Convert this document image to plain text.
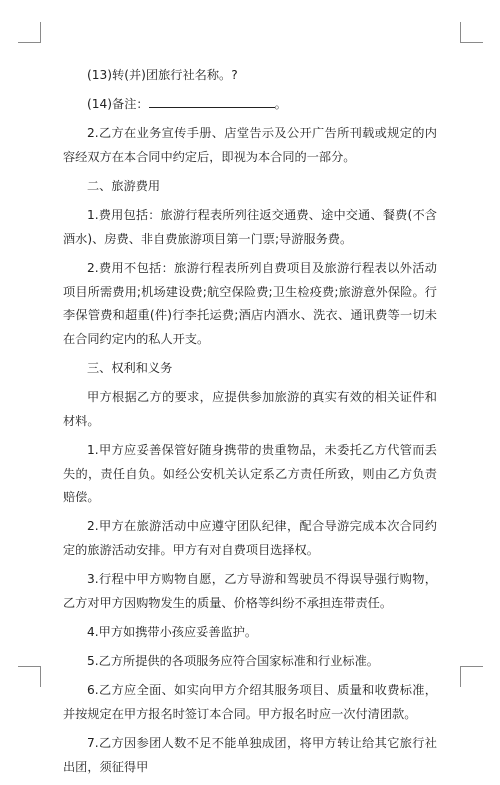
(13)转(并)团旅行社名称。?

(14)备注：	。

2.乙方在业务宣传手册、店堂告示及公开广告所刊载或规定的内容经双方在本合同中约定后，即视为本合同的一部分。

二、旅游费用

1.费用包括：旅游行程表所列往返交通费、途中交通、餐费(不含酒水)、房费、非自费旅游项目第一门票;导游服务费。

2.费用不包括：旅游行程表所列自费项目及旅游行程表以外活动项目所需费用;机场建设费;航空保险费;卫生检疫费;旅游意外保险。行李保管费和超重(件)行李托运费;酒店内酒水、洗衣、通讯费等一切未在合同约定内的私人开支。

三、权利和义务

甲方根据乙方的要求，应提供参加旅游的真实有效的相关证件和材料。

1.甲方应妥善保管好随身携带的贵重物品，未委托乙方代管而丢失的，责任自负。如经公安机关认定系乙方责任所致，则由乙方负责赔偿。

2.甲方在旅游活动中应遵守团队纪律，配合导游完成本次合同约定的旅游活动安排。甲方有对自费项目选择权。

3.行程中甲方购物自愿，乙方导游和驾驶员不得误导强行购物，乙方对甲方因购物发生的质量、价格等纠纷不承担连带责任。

4.甲方如携带小孩应妥善监护。

5.乙方所提供的各项服务应符合国家标准和行业标准。

6.乙方应全面、如实向甲方介绍其服务项目、质量和收费标准，并按规定在甲方报名时签订本合同。甲方报名时应一次付清团款。

7.乙方因参团人数不足不能单独成团，将甲方转让给其它旅行社出团，须征得甲
